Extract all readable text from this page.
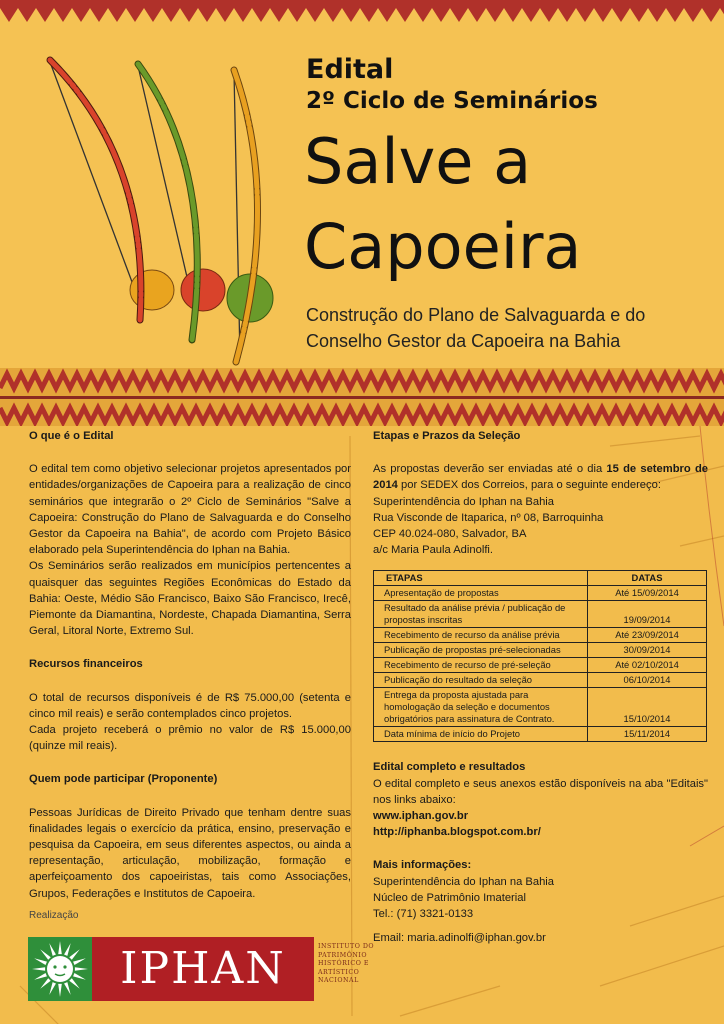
Edital
2º Ciclo de Seminários
Salve a
Capoeira
Construção do Plano de Salvaguarda e do
Conselho Gestor da Capoeira na Bahia

O que é o Edital

O edital tem como objetivo selecionar projetos apresentados por entidades/organizações de Capoeira para a realização de cinco seminários que integrarão o 2º Ciclo de Seminários "Salve a Capoeira: Construção do Plano de Salvaguarda e do Conselho Gestor da Capoeira na Bahia", de acordo com Projeto Básico elaborado pela Superintendência do Iphan na Bahia.

Os Seminários serão realizados em municípios pertencentes a quaisquer das seguintes Regiões Econômicas do Estado da Bahia: Oeste, Médio São Francisco, Baixo São Francisco, Irecê, Piemonte da Diamantina, Nordeste, Chapada Diamantina, Serra Geral, Litoral Norte, Extremo Sul.

Recursos financeiros

O total de recursos disponíveis é de R$ 75.000,00 (setenta e cinco mil reais) e serão contemplados cinco projetos.

Cada projeto receberá o prêmio no valor de R$ 15.000,00 (quinze mil reais).

Quem pode participar (Proponente)

Pessoas Jurídicas de Direito Privado que tenham dentre suas finalidades legais o exercício da prática, ensino, preservação e pesquisa da Capoeira, em seus diferentes aspectos, ou ainda a representação, articulação, mobilização, formação e aperfeiçoamento dos capoeiristas, tais como Associações, Grupos, Federações e Institutos de Capoeira.

Realização
IPHAN	INSTITUTO DO PATRIMÔNIO HISTÓRICO E ARTÍSTICO NACIONAL

Etapas e Prazos da Seleção

As propostas deverão ser enviadas até o dia 15 de setembro de 2014 por SEDEX dos Correios, para o seguinte endereço:

Superintendência do Iphan na Bahia

Rua Visconde de Itaparica, nº 08, Barroquinha

CEP 40.024-080, Salvador, BA

a/c Maria Paula Adinolfi.

ETAPAS	DATAS
Apresentação de propostas	Até 15/09/2014
Resultado da análise prévia / publicação de propostas inscritas	19/09/2014
Recebimento de recurso da análise prévia	Até 23/09/2014
Publicação de propostas pré-selecionadas	30/09/2014
Recebimento de recurso de pré-seleção	Até 02/10/2014
Publicação do resultado da seleção	06/10/2014
Entrega da proposta ajustada para homologação da seleção e documentos obrigatórios para assinatura de Contrato.	15/10/2014
Data mínima de início do Projeto	15/11/2014

Edital completo e resultados

O edital completo e seus anexos estão disponíveis na aba "Editais" nos links abaixo:

www.iphan.gov.br

http://iphanba.blogspot.com.br/

Mais informações:

Superintendência do Iphan na Bahia

Núcleo de Patrimônio Imaterial

Tel.: (71) 3321-0133

Email: maria.adinolfi@iphan.gov.br
